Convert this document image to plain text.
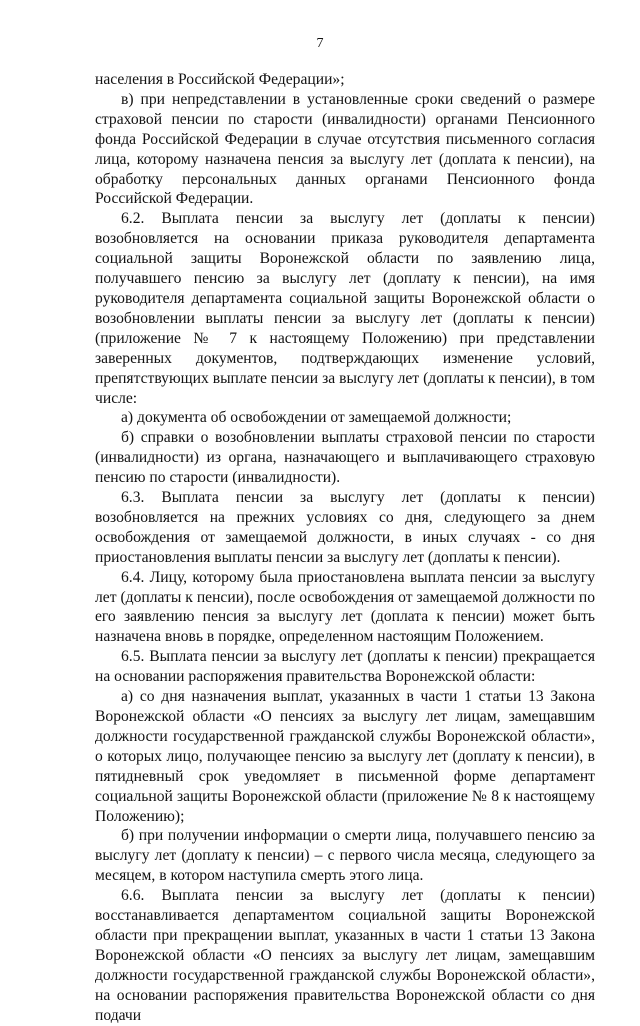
7

населения в Российской Федерации»;

в) при непредставлении в установленные сроки сведений о размере страховой пенсии по старости (инвалидности) органами Пенсионного фонда Российской Федерации в случае отсутствия письменного согласия лица, которому назначена пенсия за выслугу лет (доплата к пенсии), на обработку персональных данных органами Пенсионного фонда Российской Федерации.

6.2. Выплата пенсии за выслугу лет (доплаты к пенсии) возобновляется на основании приказа руководителя департамента социальной защиты Воронежской области по заявлению лица, получавшего пенсию за выслугу лет (доплату к пенсии), на имя руководителя департамента социальной защиты Воронежской области о возобновлении выплаты пенсии за выслугу лет (доплаты к пенсии) (приложение № 7 к настоящему Положению) при представлении заверенных документов, подтверждающих изменение условий, препятствующих выплате пенсии за выслугу лет (доплаты к пенсии), в том числе:

а) документа об освобождении от замещаемой должности;

б) справки о возобновлении выплаты страховой пенсии по старости (инвалидности) из органа, назначающего и выплачивающего страховую пенсию по старости (инвалидности).

6.3. Выплата пенсии за выслугу лет (доплаты к пенсии) возобновляется на прежних условиях со дня, следующего за днем освобождения от замещаемой должности, в иных случаях - со дня приостановления выплаты пенсии за выслугу лет (доплаты к пенсии).

6.4. Лицу, которому была приостановлена выплата пенсии за выслугу лет (доплаты к пенсии), после освобождения от замещаемой должности по его заявлению пенсия за выслугу лет (доплата к пенсии) может быть назначена вновь в порядке, определенном настоящим Положением.

6.5. Выплата пенсии за выслугу лет (доплаты к пенсии) прекращается на основании распоряжения правительства Воронежской области:

а) со дня назначения выплат, указанных в части 1 статьи 13 Закона Воронежской области «О пенсиях за выслугу лет лицам, замещавшим должности государственной гражданской службы Воронежской области», о которых лицо, получающее пенсию за выслугу лет (доплату к пенсии), в пятидневный срок уведомляет в письменной форме департамент социальной защиты Воронежской области (приложение № 8 к настоящему Положению);

б) при получении информации о смерти лица, получавшего пенсию за выслугу лет (доплату к пенсии) – с первого числа месяца, следующего за месяцем, в котором наступила смерть этого лица.

6.6. Выплата пенсии за выслугу лет (доплаты к пенсии) восстанавливается департаментом социальной защиты Воронежской области при прекращении выплат, указанных в части 1 статьи 13 Закона Воронежской области «О пенсиях за выслугу лет лицам, замещавшим должности государственной гражданской службы Воронежской области», на основании распоряжения правительства Воронежской области со дня подачи
